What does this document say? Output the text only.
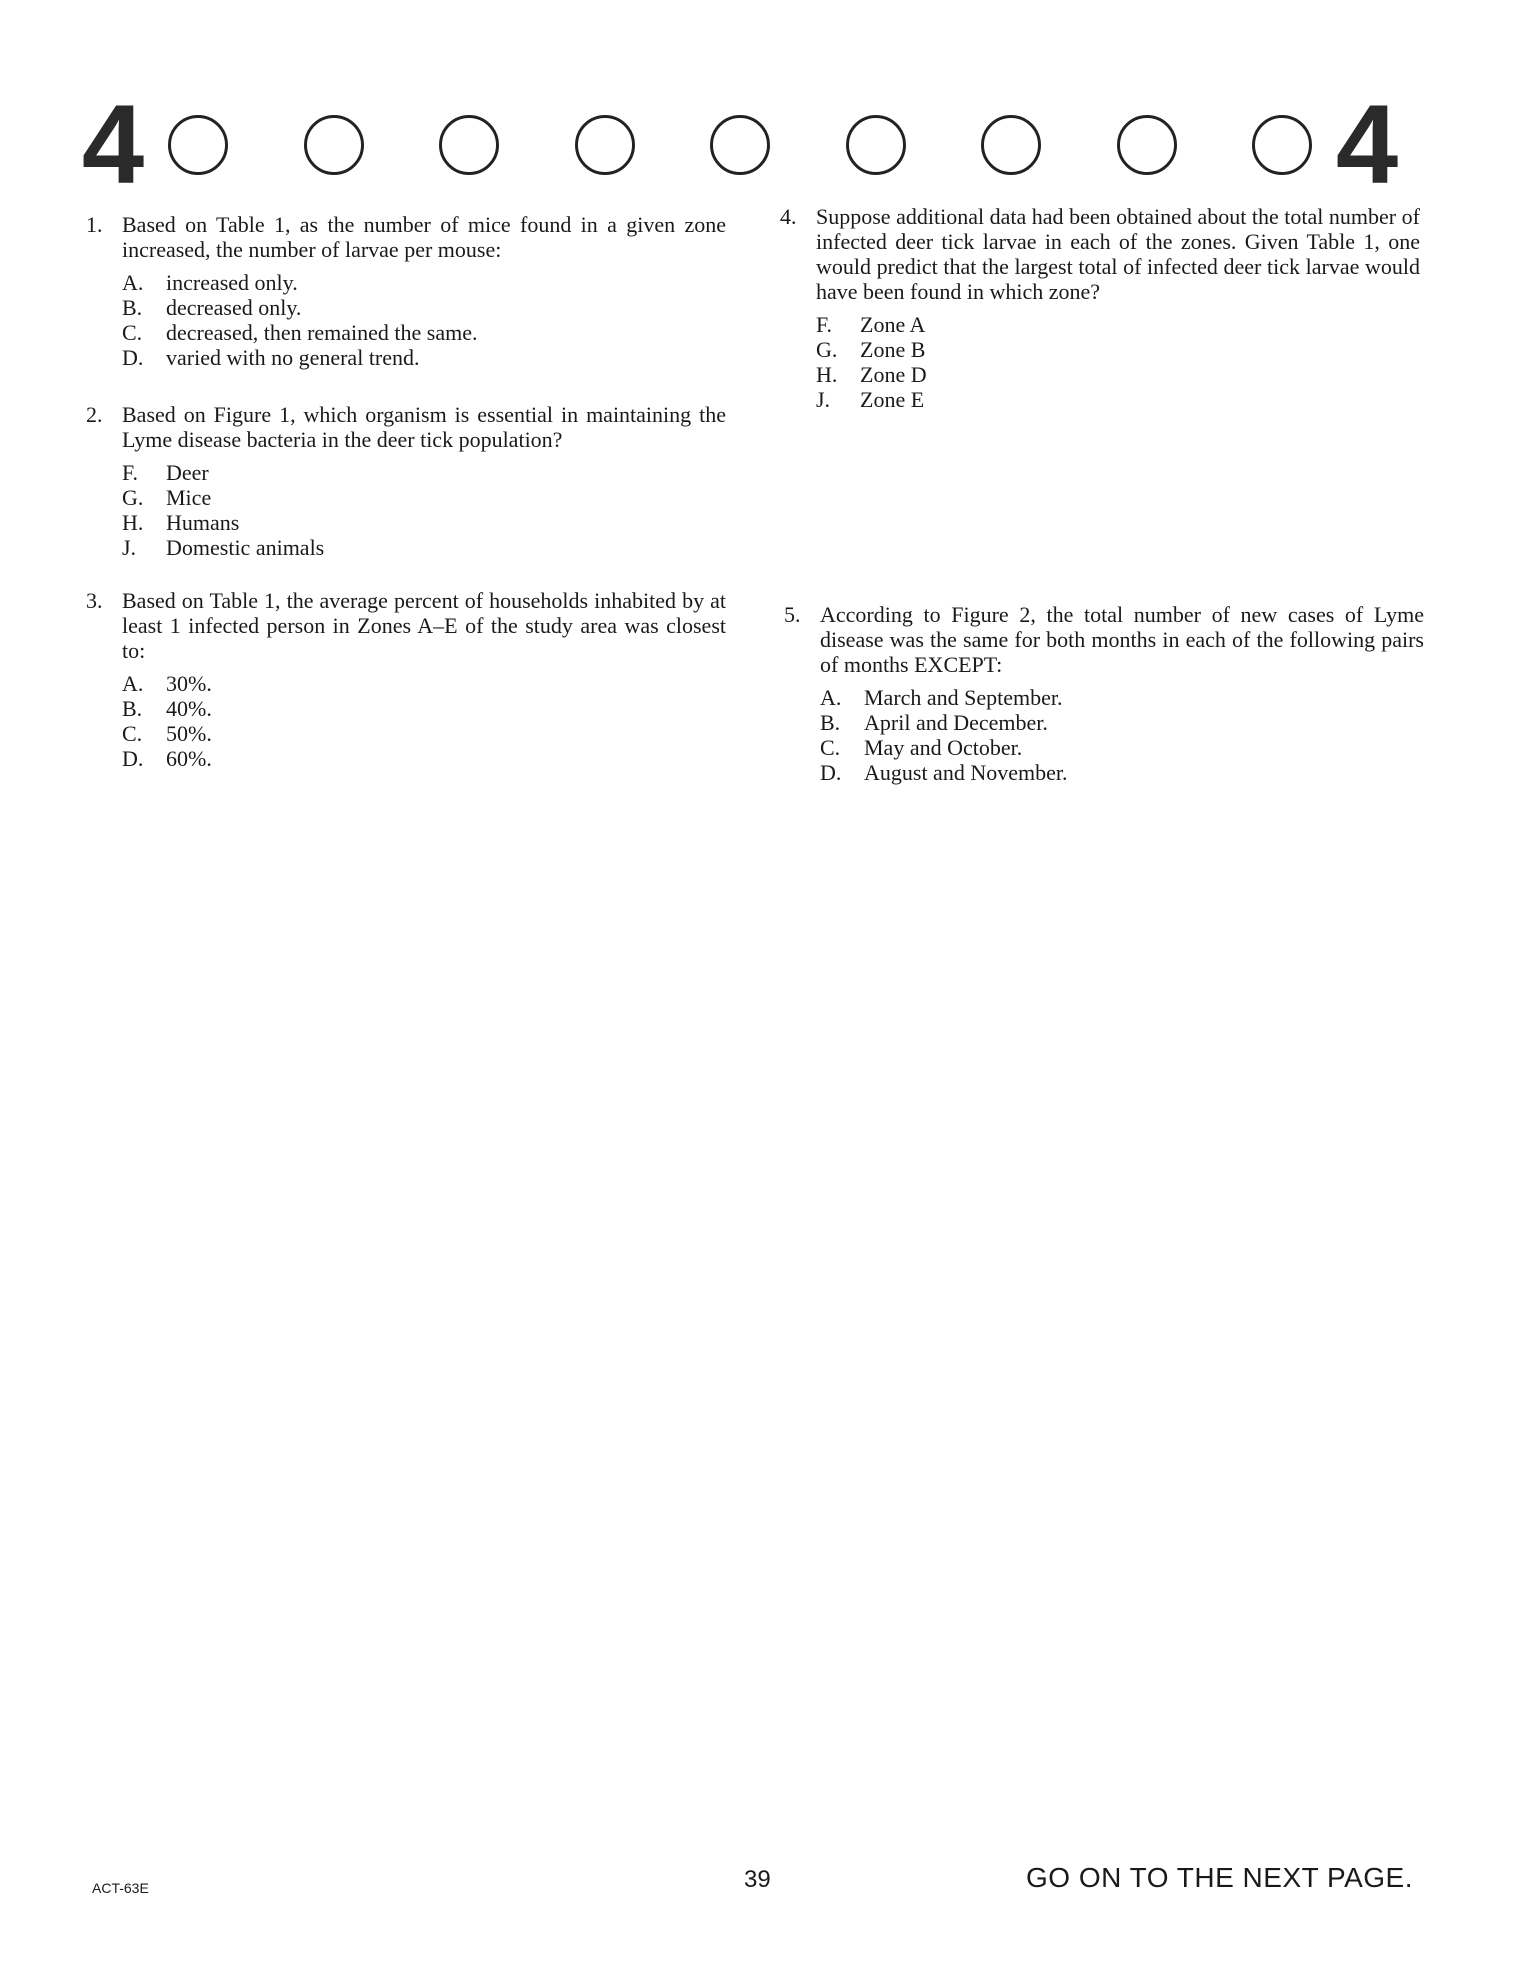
4	4
1. Based on Table 1, as the number of mice found in a given zone increased, the number of larvae per mouse:
A.	increased only.
B.	decreased only.
C.	decreased, then remained the same.
D.	varied with no general trend.
2. Based on Figure 1, which organism is essential in maintaining the Lyme disease bacteria in the deer tick population?
F.	Deer
G.	Mice
H.	Humans
J.	Domestic animals
3. Based on Table 1, the average percent of households inhabited by at least 1 infected person in Zones A–E of the study area was closest to:
A.	30%.
B.	40%.
C.	50%.
D.	60%.
4. Suppose additional data had been obtained about the total number of infected deer tick larvae in each of the zones. Given Table 1, one would predict that the largest total of infected deer tick larvae would have been found in which zone?
F.	Zone A
G.	Zone B
H.	Zone D
J.	Zone E
5. According to Figure 2, the total number of new cases of Lyme disease was the same for both months in each of the following pairs of months EXCEPT:
A.	March and September.
B.	April and December.
C.	May and October.
D.	August and November.
ACT-63E	39	GO ON TO THE NEXT PAGE.
